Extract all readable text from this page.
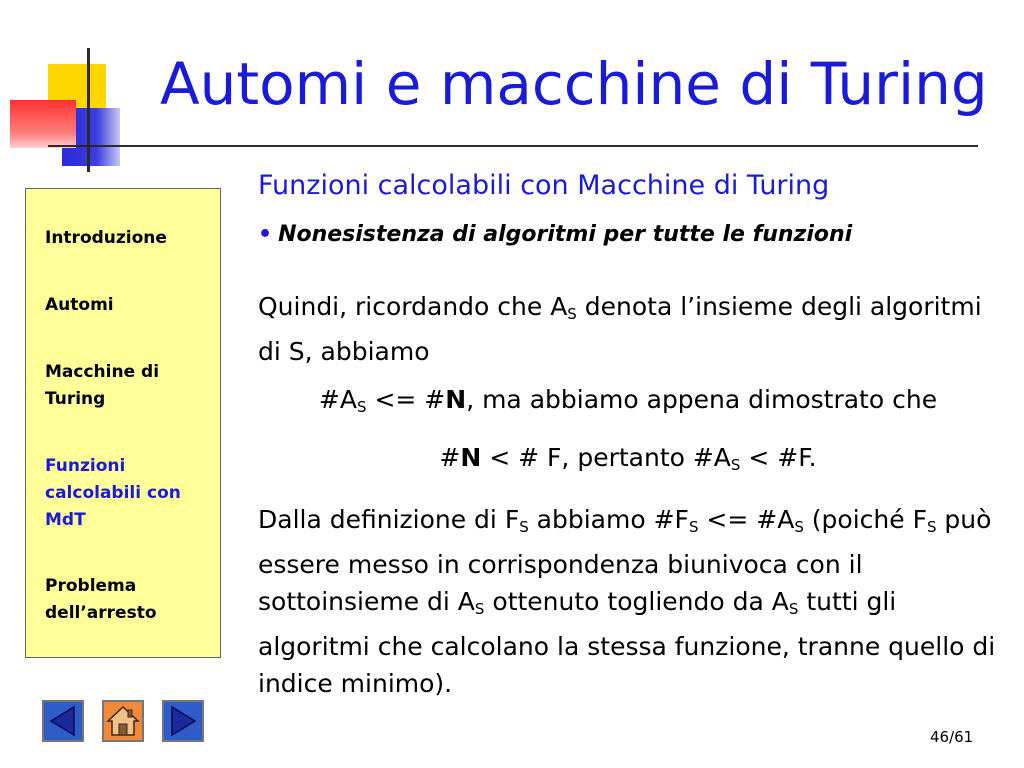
Automi e macchine di Turing
Introduzione
Automi
Macchine di Turing
Funzioni calcolabili con MdT
Problema dell’arresto
Funzioni calcolabili con Macchine di Turing
• Nonesistenza di algoritmi per tutte le funzioni
Quindi, ricordando che $A_S$ denota l’insieme degli algoritmi di S, abbiamo
$\#A_S$ <= #N, ma abbiamo appena dimostrato che
#N < # F, pertanto $\#A_S$ < #F.
Dalla definizione di $F_S$ abbiamo $\#F_S$ <= $\#A_S$ (poiché $F_S$ può essere messo in corrispondenza biunivoca con il sottoinsieme di $A_S$ ottenuto togliendo da $A_S$ tutti gli algoritmi che calcolano la stessa funzione, tranne quello di indice minimo).
46/61
